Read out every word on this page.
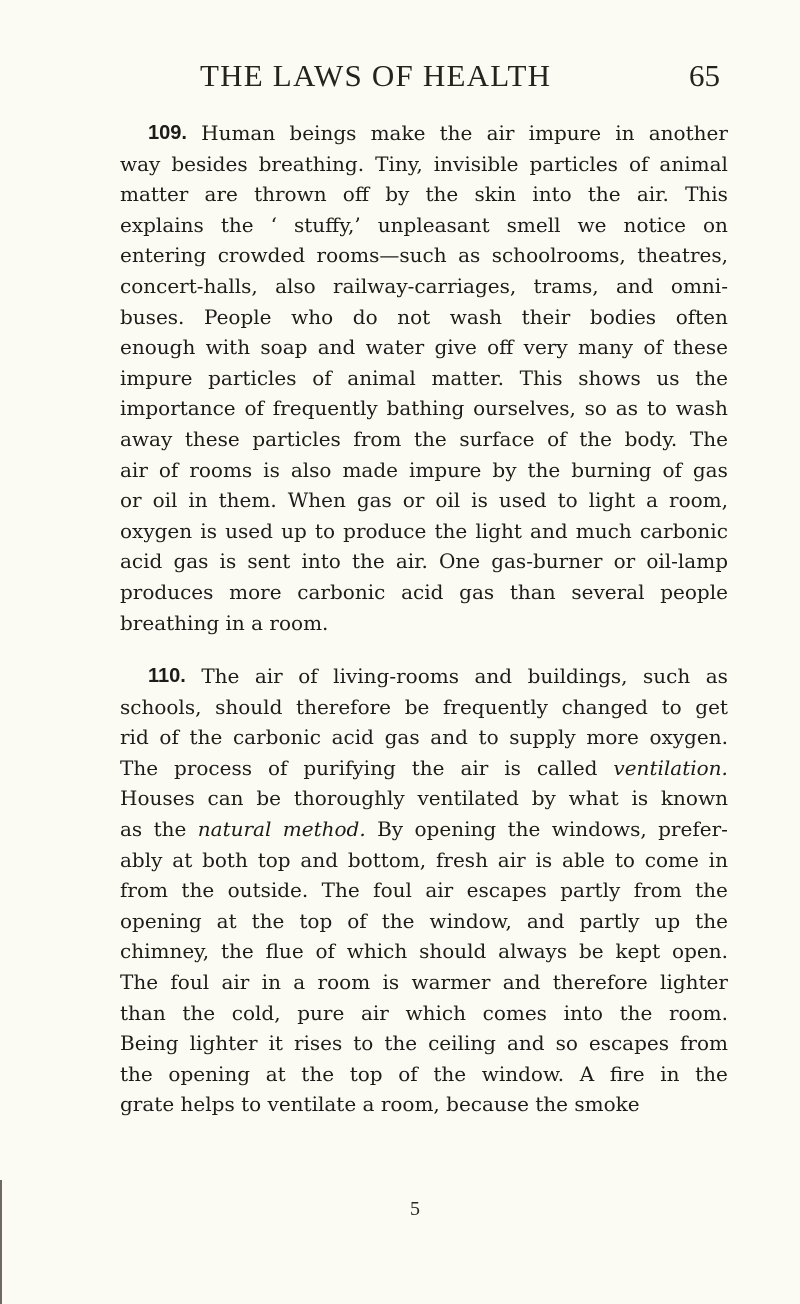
THE LAWS OF HEALTH	65
109. Human beings make the air impure in another
way besides breathing. Tiny, invisible particles of animal
matter are thrown off by the skin into the air. This
explains the ‘ stuffy,’ unpleasant smell we notice on
entering crowded rooms—such as schoolrooms, theatres,
concert-halls, also railway-carriages, trams, and omni-
buses. People who do not wash their bodies often
enough with soap and water give off very many of these
impure particles of animal matter. This shows us the
importance of frequently bathing ourselves, so as to wash
away these particles from the surface of the body. The
air of rooms is also made impure by the burning of gas
or oil in them. When gas or oil is used to light a room,
oxygen is used up to produce the light and much carbonic
acid gas is sent into the air. One gas-burner or oil-lamp
produces more carbonic acid gas than several people
breathing in a room.
110. The air of living-rooms and buildings, such as
schools, should therefore be frequently changed to get
rid of the carbonic acid gas and to supply more oxygen.
The process of purifying the air is called ventilation.
Houses can be thoroughly ventilated by what is known
as the natural method. By opening the windows, prefer-
ably at both top and bottom, fresh air is able to come in
from the outside. The foul air escapes partly from the
opening at the top of the window, and partly up the
chimney, the flue of which should always be kept open.
The foul air in a room is warmer and therefore lighter
than the cold, pure air which comes into the room.
Being lighter it rises to the ceiling and so escapes from
the opening at the top of the window. A fire in the
grate helps to ventilate a room, because the smoke
5
